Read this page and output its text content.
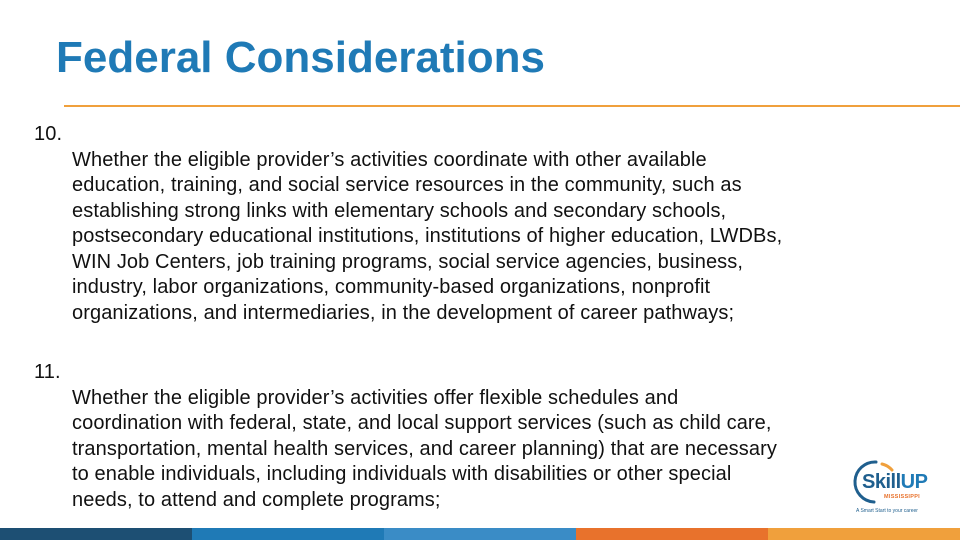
Federal Considerations

10.
Whether the eligible provider’s activities coordinate with other available
education, training, and social service resources in the community, such as
establishing strong links with elementary schools and secondary schools,
postsecondary educational institutions, institutions of higher education, LWDBs,
WIN Job Centers, job training programs, social service agencies, business,
industry, labor organizations, community-based organizations, nonprofit
organizations, and intermediaries, in the development of career pathways;

11.
Whether the eligible provider’s activities offer flexible schedules and
coordination with federal, state, and local support services (such as child care,
transportation, mental health services, and career planning) that are necessary
to enable individuals, including individuals with disabilities or other special
needs, to attend and complete programs;

SkillUP
MISSISSIPPI
A Smart Start to your career
